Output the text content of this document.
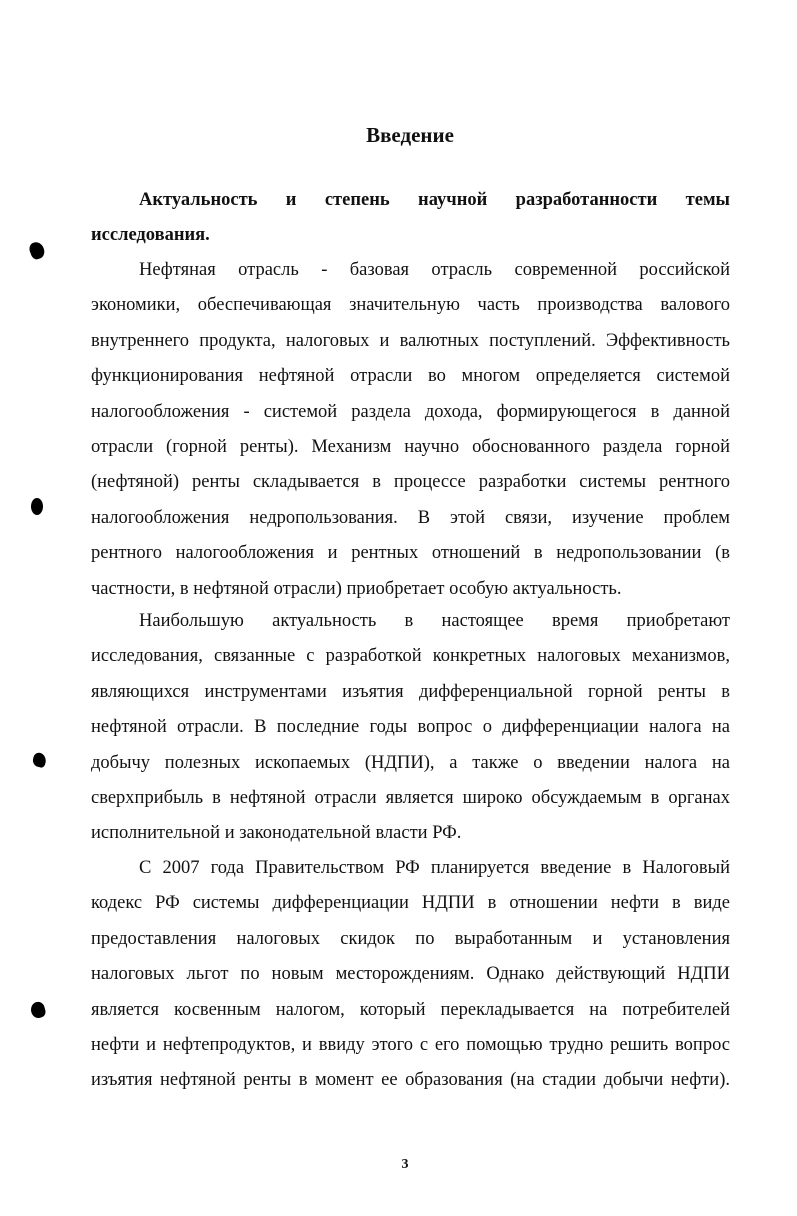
Введение
Актуальность и степень научной разработанности темы
исследования.
Нефтяная отрасль - базовая отрасль современной российской
экономики, обеспечивающая значительную часть производства валового
внутреннего продукта, налоговых и валютных поступлений. Эффективность
функционирования нефтяной отрасли во многом определяется системой
налогообложения - системой раздела дохода, формирующегося в данной
отрасли (горной ренты). Механизм научно обоснованного раздела горной
(нефтяной) ренты складывается в процессе разработки системы рентного
налогообложения недропользования. В этой связи, изучение проблем
рентного налогообложения и рентных отношений в недропользовании (в
частности, в нефтяной отрасли) приобретает особую актуальность.
Наибольшую актуальность в настоящее время приобретают
исследования, связанные с разработкой конкретных налоговых механизмов,
являющихся инструментами изъятия дифференциальной горной ренты в
нефтяной отрасли. В последние годы вопрос о дифференциации налога на
добычу полезных ископаемых (НДПИ), а также о введении налога на
сверхприбыль в нефтяной отрасли является широко обсуждаемым в органах
исполнительной и законодательной власти РФ.
С 2007 года Правительством РФ планируется введение в Налоговый
кодекс РФ системы дифференциации НДПИ в отношении нефти в виде
предоставления налоговых скидок по выработанным и установления
налоговых льгот по новым месторождениям. Однако действующий НДПИ
является косвенным налогом, который перекладывается на потребителей
нефти и нефтепродуктов, и ввиду этого с его помощью трудно решить вопрос
изъятия нефтяной ренты в момент ее образования (на стадии добычи нефти).
3
